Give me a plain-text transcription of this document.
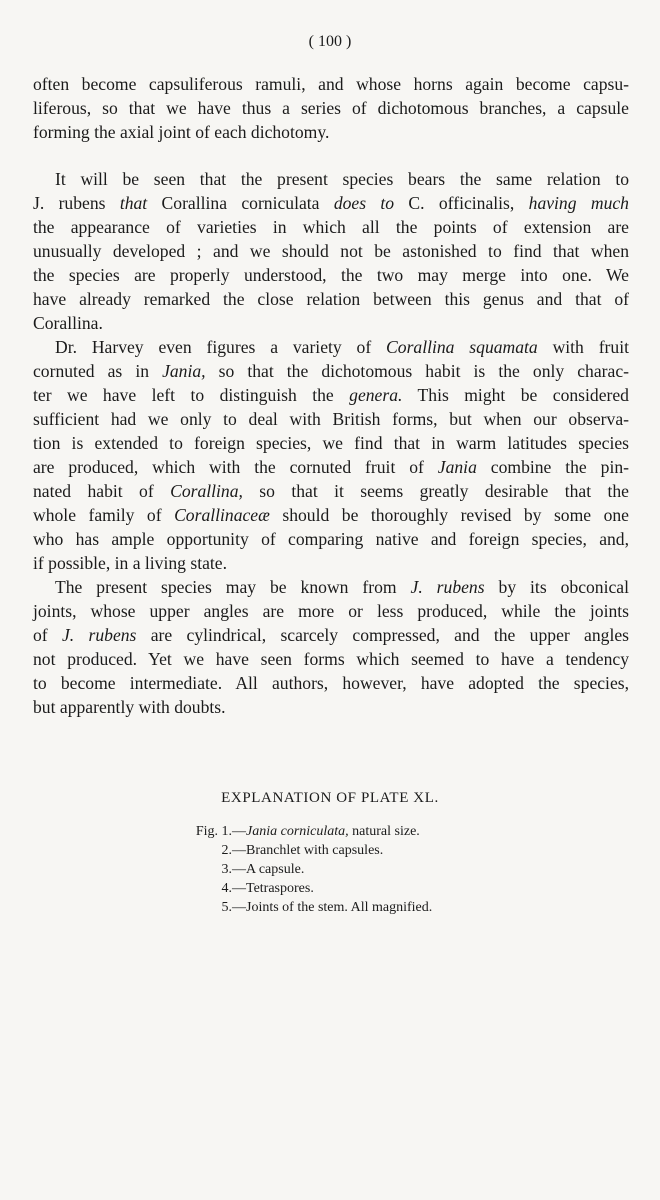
( 100 )

often become capsuliferous ramuli, and whose horns again become capsu-
liferous, so that we have thus a series of dichotomous branches, a capsule
forming the axial joint of each dichotomy.

It will be seen that the present species bears the same relation to
J. rubens that Corallina corniculata does to C. officinalis, having much
the appearance of varieties in which all the points of extension are
unusually developed ; and we should not be astonished to find that when
the species are properly understood, the two may merge into one. We
have already remarked the close relation between this genus and that of
Corallina.

Dr. Harvey even figures a variety of Corallina squamata with fruit
cornuted as in Jania, so that the dichotomous habit is the only charac-
ter we have left to distinguish the genera. This might be considered
sufficient had we only to deal with British forms, but when our observa-
tion is extended to foreign species, we find that in warm latitudes species
are produced, which with the cornuted fruit of Jania combine the pin-
nated habit of Corallina, so that it seems greatly desirable that the
whole family of Corallinaceæ should be thoroughly revised by some one
who has ample opportunity of comparing native and foreign species, and,
if possible, in a living state.

The present species may be known from J. rubens by its obconical
joints, whose upper angles are more or less produced, while the joints
of J. rubens are cylindrical, scarcely compressed, and the upper angles
not produced. Yet we have seen forms which seemed to have a tendency
to become intermediate. All authors, however, have adopted the species,
but apparently with doubts.

EXPLANATION OF PLATE XL.
Fig. 1.—Jania corniculata, natural size.
2.—Branchlet with capsules.
3.—A capsule.
4.—Tetraspores.
5.—Joints of the stem. All magnified.
